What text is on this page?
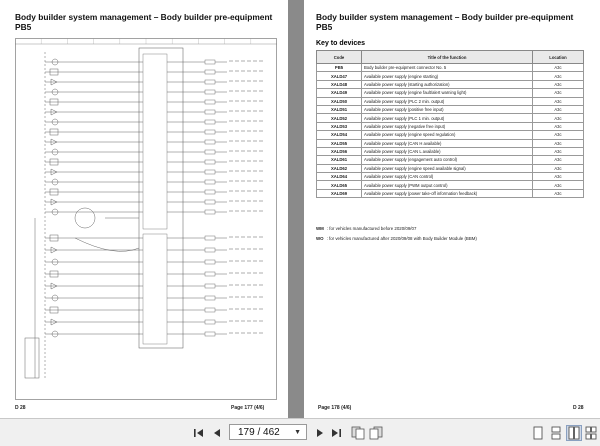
Body builder system management – Body builder pre-equipment
PB5
D 28	Page 177 (4/6)
Body builder system management – Body builder pre-equipment
PB5
Page 178 (4/6)	D 28
Key to devices
Code	Title of the function	Location
PB5	Body builder pre-equipment connector No. 5	A3c
XALD47	Available power supply (engine starting)	A3c
XALD48	Available power supply (starting authorization)	A3c
XALD49	Available power supply (engine fault/alert warning light)	A3c
XALD50	Available power supply (PLC 2 min. output)	A3c
XALD51	Available power supply (positive free input)	A3c
XALD52	Available power supply (PLC 1 min. output)	A3c
XALD53	Available power supply (negative free input)	A3c
XALD54	Available power supply (engine speed regulation)	A3c
XALD55	Available power supply (CAN H available)	A3c
XALD56	Available power supply (CAN L available)	A3c
XALD61	Available power supply (engagement auto control)	A3c
XALD62	Available power supply (engine speed available signal)	A3c
XALD64	Available power supply (CAN control)	A3c
XALD65	Available power supply (PWM output control)	A3c
XALD69	Available power supply (power take-off information feedback)	A3c
WM : for vehicles manufactured before 2020/09/07
WO : for vehicles manufactured after 2020/09/08 with Body Builder Module (BBM)
179 / 462 ▼
